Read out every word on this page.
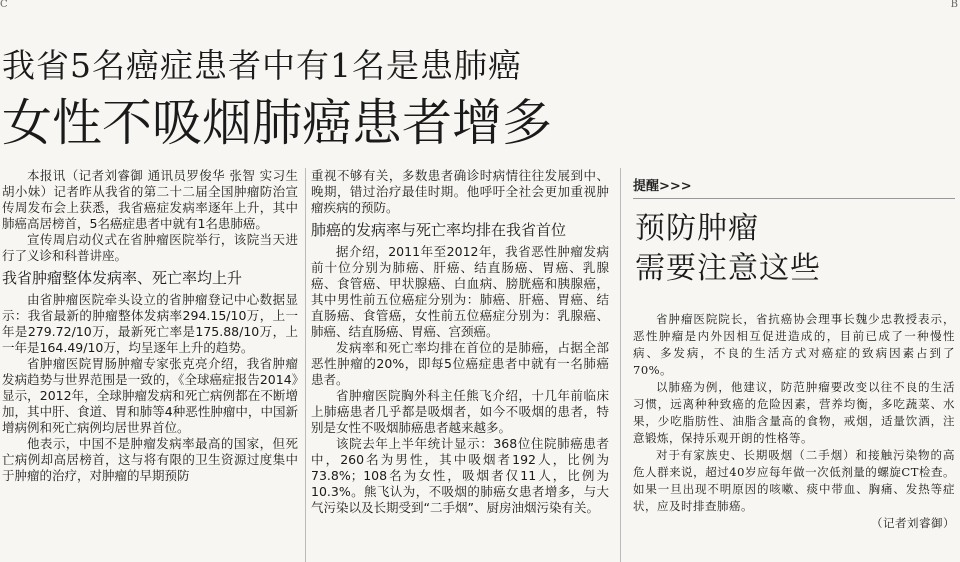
C	B
我省5名癌症患者中有1名是患肺癌
女性不吸烟肺癌患者增多

本报讯（记者刘睿御 通讯员罗俊华 张智 实习生胡小妹）记者昨从我省的第二十二届全国肿瘤防治宣传周发布会上获悉，我省癌症发病率逐年上升，其中肺癌高居榜首，5名癌症患者中就有1名患肺癌。

宣传周启动仪式在省肿瘤医院举行，该院当天进行了义诊和科普讲座。

我省肿瘤整体发病率、死亡率均上升

由省肿瘤医院牵头设立的省肿瘤登记中心数据显示：我省最新的肿瘤整体发病率294.15/10万，上一年是279.72/10万，最新死亡率是175.88/10万，上一年是164.49/10万，均呈逐年上升的趋势。

省肿瘤医院胃肠肿瘤专家张克亮介绍，我省肿瘤发病趋势与世界范围是一致的，《全球癌症报告2014》显示，2012年，全球肿瘤发病和死亡病例都在不断增加，其中肝、食道、胃和肺等4种恶性肿瘤中，中国新增病例和死亡病例均居世界首位。

他表示，中国不是肿瘤发病率最高的国家，但死亡病例却高居榜首，这与将有限的卫生资源过度集中于肿瘤的治疗，对肿瘤的早期预防

重视不够有关，多数患者确诊时病情往往发展到中、晚期，错过治疗最佳时期。他呼吁全社会更加重视肿瘤疾病的预防。

肺癌的发病率与死亡率均排在我省首位

据介绍，2011年至2012年，我省恶性肿瘤发病前十位分别为肺癌、肝癌、结直肠癌、胃癌、乳腺癌、食管癌、甲状腺癌、白血病、膀胱癌和胰腺癌，其中男性前五位癌症分别为：肺癌、肝癌、胃癌、结直肠癌、食管癌，女性前五位癌症分别为：乳腺癌、肺癌、结直肠癌、胃癌、宫颈癌。

发病率和死亡率均排在首位的是肺癌，占据全部恶性肿瘤的20%，即每5位癌症患者中就有一名肺癌患者。

省肿瘤医院胸外科主任熊飞介绍，十几年前临床上肺癌患者几乎都是吸烟者，如今不吸烟的患者，特别是女性不吸烟肺癌患者越来越多。

该院去年上半年统计显示：368位住院肺癌患者中，260名为男性，其中吸烟者192人，比例为73.8%；108名为女性，吸烟者仅11人，比例为10.3%。熊飞认为，不吸烟的肺癌女患者增多，与大气污染以及长期受到“二手烟”、厨房油烟污染有关。

提醒>>>
预防肿瘤
需要注意这些

省肿瘤医院院长，省抗癌协会理事长魏少忠教授表示，恶性肿瘤是内外因相互促进造成的，目前已成了一种慢性病、多发病，不良的生活方式对癌症的致病因素占到了70%。

以肺癌为例，他建议，防范肿瘤要改变以往不良的生活习惯，远离种种致癌的危险因素，营养均衡，多吃蔬菜、水果，少吃脂肪性、油脂含量高的食物，戒烟，适量饮酒，注意锻炼，保持乐观开朗的性格等。

对于有家族史、长期吸烟（二手烟）和接触污染物的高危人群来说，超过40岁应每年做一次低剂量的螺旋CT检查。如果一旦出现不明原因的咳嗽、痰中带血、胸痛、发热等症状，应及时排查肺癌。

（记者刘睿御）
